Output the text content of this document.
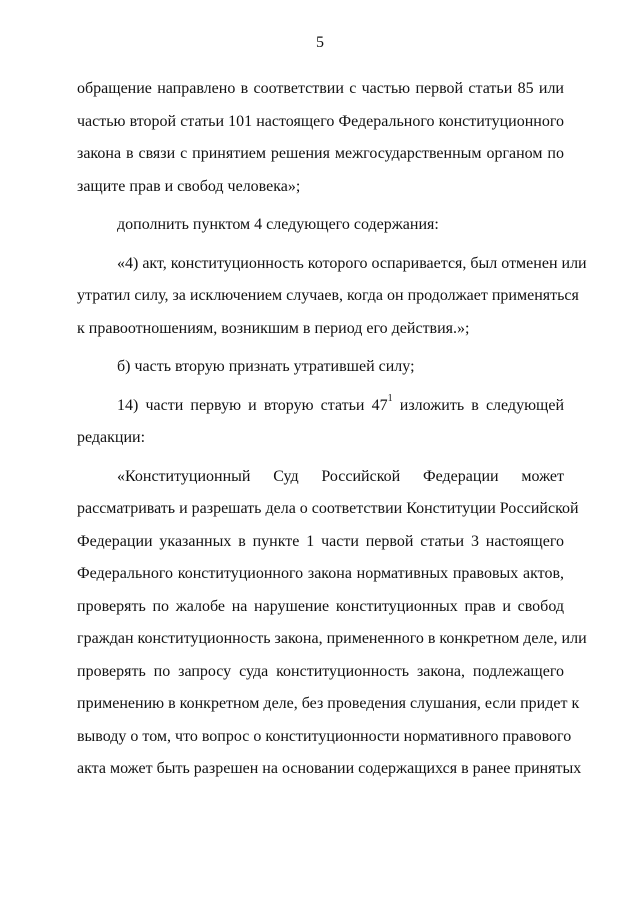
5
обращение направлено в соответствии с частью первой статьи 85 или
частью второй статьи 101 настоящего Федерального конституционного
закона в связи с принятием решения межгосударственным органом по
защите прав и свобод человека»;
дополнить пунктом 4 следующего содержания:
«4) акт, конституционность которого оспаривается, был отменен или
утратил силу, за исключением случаев, когда он продолжает применяться
к правоотношениям, возникшим в период его действия.»;
б) часть вторую признать утратившей силу;
14) части первую и вторую статьи $47^1$ изложить в следующей
редакции:
«Конституционный Суд Российской Федерации может
рассматривать и разрешать дела о соответствии Конституции Российской
Федерации указанных в пункте 1 части первой статьи 3 настоящего
Федерального конституционного закона нормативных правовых актов,
проверять по жалобе на нарушение конституционных прав и свобод
граждан конституционность закона, примененного в конкретном деле, или
проверять по запросу суда конституционность закона, подлежащего
применению в конкретном деле, без проведения слушания, если придет к
выводу о том, что вопрос о конституционности нормативного правового
акта может быть разрешен на основании содержащихся в ранее принятых
